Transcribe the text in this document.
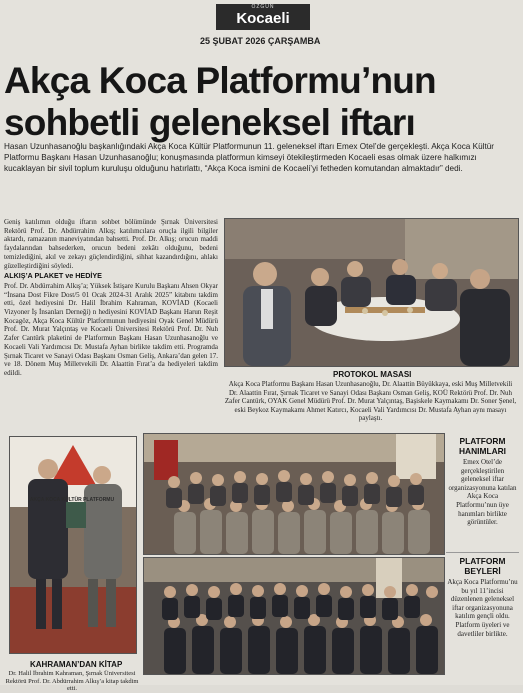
ÖZGÜN
Kocaeli
25 ŞUBAT 2026 ÇARŞAMBA
Akça Koca Platformu’nun
sohbetli geleneksel iftarı
Hasan Uzunhasanoğlu başkanlığındaki Akça Koca Kültür Platformunun 11. geleneksel iftarı Emex Otel’de gerçekleşti. Akça Koca Kültür Platformu Başkanı Hasan Uzunhasanoğlu; konuşmasında platformun kimseyi ötekileştirmeden Kocaeli esas olmak üzere halkımızı kucaklayan bir sivil toplum kuruluşu olduğunu hatırlattı, “Akça Koca ismini de Kocaeli’yi fetheden komutandan almaktadır” dedi.

Geniş katılımın olduğu iftarın sohbet bölümünde Şırnak Üniversitesi Rektörü Prof. Dr. Abdürrahim Alkış; katılımcılara oruçla ilgili bilgiler aktardı, ramazanın maneviyatından bahsetti. Prof. Dr. Alkış; orucun maddi faydalarından bahsederken, orucun bedeni zekâtı olduğunu, bedeni temizlediğini, akıl ve zekayı güçlendirdiğini, sihhat kazandırdığını, ahlakı güzelleştirdiğini söyledi.

ALKIŞ’A PLAKET ve HEDİYE

Prof. Dr. Abdürrahim Alkış’a; Yüksek İstişare Kurulu Başkanı Ahsen Okyar “İnsana Dost Fikre Dost/5 01 Ocak 2024-31 Aralık 2025” kitabını takdim etti, özel hediyesini Dr. Halil İbrahim Kahraman, KOVİAD (Kocaeli Vizyoner İş İnsanları Derneği) n hediyesini KOVİAD Başkanı Harun Reşit Kocagöz, Akça Koca Kültür Platformunun hediyesini Oyak Genel Müdürü Prof. Dr. Murat Yalçıntaş ve Kocaeli Üniversitesi Rektörü Prof. Dr. Nuh Zafer Cantürk plaketini de Platformun Başkanı Hasan Uzunhasanoğlu ve Kocaeli Vali Yardımcısı Dr. Mustafa Ayhan birlikte takdim etti. Programda Şırnak Ticaret ve Sanayi Odası Başkanı Osman Geliş, Ankara’dan gelen 17. ve 18. Dönem Muş Milletvekili Dr. Alaattin Fırat’a da hediyeleri takdim edildi.	PROTOKOL MASASI
Akça Koca Platformu Başkanı Hasan Uzunhasanoğlu, Dr. Alaattin Büyükkaya, eski Muş Milletvekili Dr. Alaattin Fırat, Şırnak Ticaret ve Sanayi Odası Başkanı Osman Geliş, KOÜ Rektörü Prof. Dr. Nuh Zafer Cantürk, OYAK Genel Müdürü Prof. Dr. Murat Yalçıntaş, Başiskele Kaymakamı Dr. Soner Şenel, eski Beykoz Kaymakamı Ahmet Katırcı, Kocaeli Vali Yardımcısı Dr. Mustafa Ayhan aynı masayı paylaştı.
AKÇA KOCA KÜLTÜR PLATFORMU
KAHRAMAN’DAN KİTAP
Dr. Halil İbrahim Kahraman, Şırnak Üniversitesi Rektörü Prof. Dr. Abdürrahim Alkış’a kitap takdim etti.
PLATFORM HANIMLARI
Emex Otel’de gerçekleştirilen geleneksel iftar organizasyonuna katılan Akça Koca Platformu’nun üye hanımları birlikte görüntüler.
PLATFORM BEYLERİ
Akça Koca Platformu’nu bu yıl 11’incisi düzenlenen geleneksel iftar organizasyonuna katılım gençli oldu. Platform üyeleri ve davetliler birlikte.
